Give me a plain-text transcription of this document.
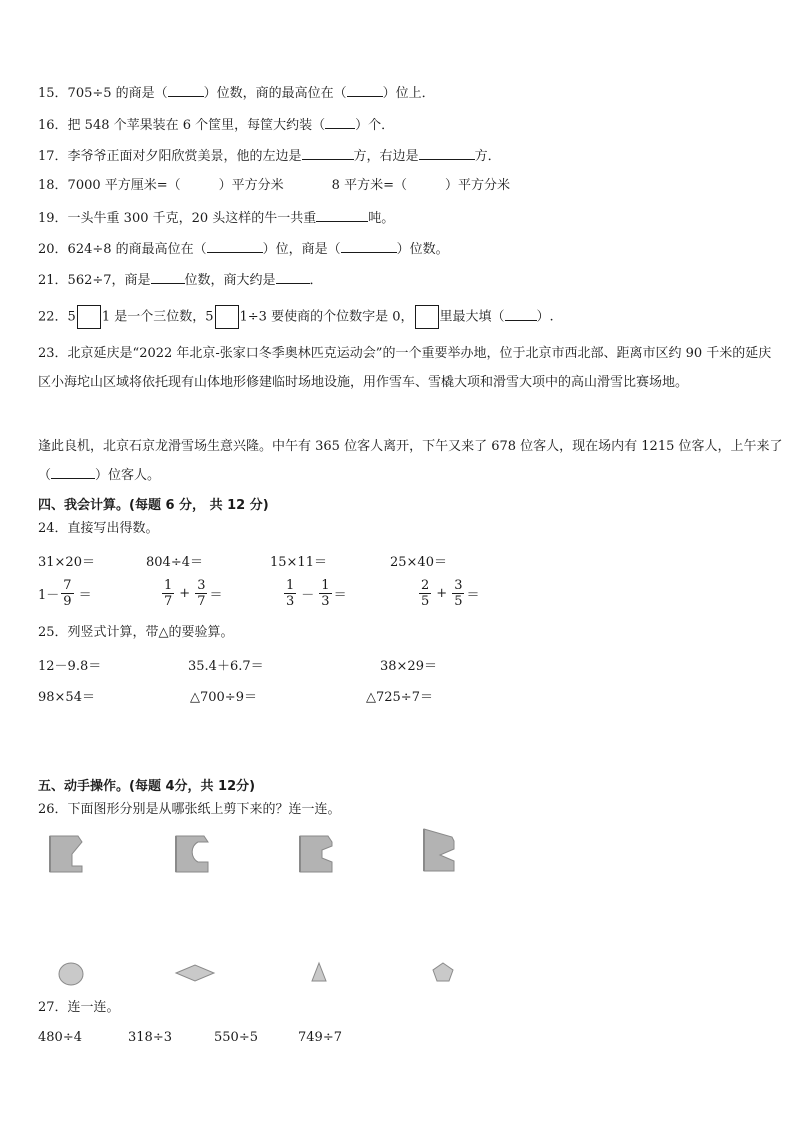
15．705÷5 的商是（	）位数，商的最高位在（	）位上．
16．把 548 个苹果装在 6 个筐里，每筐大约装（ ）个．
17．李爷爷正面对夕阳欣赏美景，他的左边是	方，右边是	方．
18．7000 平方厘米=（	）平方分米	8 平方米=（	）平方分米
19．一头牛重 300 千克，20 头这样的牛一共重	吨。
20．624÷8 的商最高位在（	）位，商是（	）位数。
21．562÷7，商是	位数，商大约是	．
22．5 1 是一个三位数，5 1÷3 要使商的个位数字是 0， 里最大填（ ）.
23．北京延庆是“2022 年北京-张家口冬季奥林匹克运动会”的一个重要举办地，位于北京市西北部、距离市区约 90 千米的延庆区小海坨山区域将依托现有山体地形修建临时场地设施，用作雪车、雪橇大项和滑雪大项中的高山滑雪比赛场地。
逢此良机，北京石京龙滑雪场生意兴隆。中午有 365 位客人离开，下午又来了 678 位客人，现在场内有 1215 位客人，上午来了（	）位客人。
四、我会计算。(每题 6 分， 共 12 分)
24．直接写出得数。
31×20＝	804÷4＝	15×11＝	25×40＝
$1- \frac{7}{9}$ ＝	$\frac{1}{7} + \frac{3}{7}$ ＝	$\frac{1}{3} - \frac{1}{3}$ ＝	$\frac{2}{5} + \frac{3}{5}$ ＝
25．列竖式计算，带△的要验算。
12－9.8＝	35.4＋6.7＝	38×29＝
98×54＝	△700÷9＝	△725÷7＝
五、动手操作。(每题 4分，共 12分)
26．下面图形分别是从哪张纸上剪下来的？连一连。
27．连一连。
480÷4	318÷3	550÷5	749÷7
